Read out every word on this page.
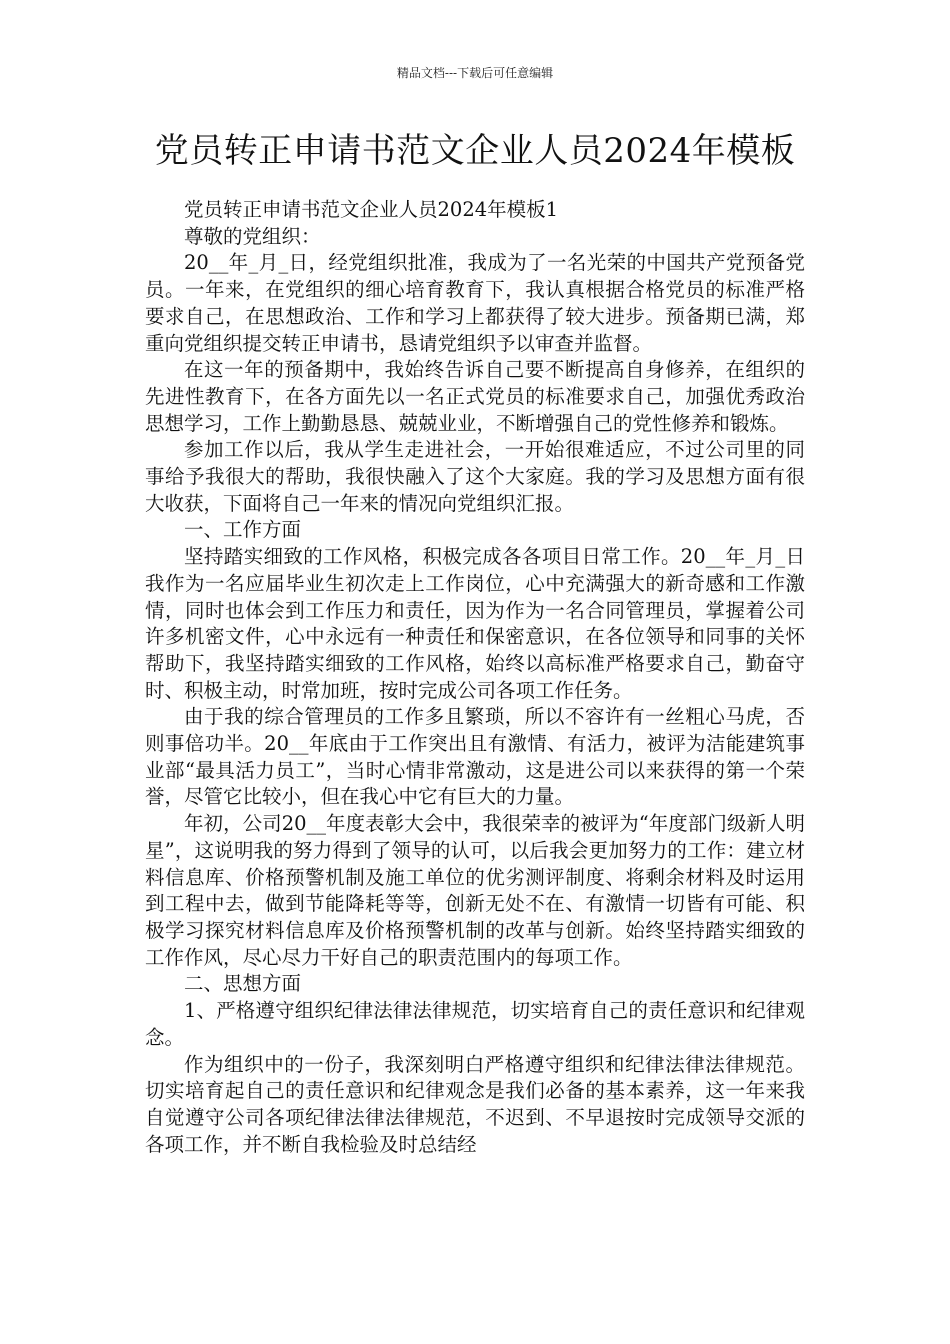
精品文档---下载后可任意编辑
党员转正申请书范文企业人员2024年模板

党员转正申请书范文企业人员2024年模板1

尊敬的党组织：

20__年_月_日，经党组织批准，我成为了一名光荣的中国共产党预备党员。一年来，在党组织的细心培育教育下，我认真根据合格党员的标准严格要求自己，在思想政治、工作和学习上都获得了较大进步。预备期已满，郑重向党组织提交转正申请书，恳请党组织予以审查并监督。

在这一年的预备期中，我始终告诉自己要不断提高自身修养，在组织的先进性教育下，在各方面先以一名正式党员的标准要求自己，加强优秀政治思想学习，工作上勤勤恳恳、兢兢业业，不断增强自己的党性修养和锻炼。

参加工作以后，我从学生走进社会，一开始很难适应，不过公司里的同事给予我很大的帮助，我很快融入了这个大家庭。我的学习及思想方面有很大收获，下面将自己一年来的情况向党组织汇报。

一、工作方面

坚持踏实细致的工作风格，积极完成各各项目日常工作。20__年_月_日我作为一名应届毕业生初次走上工作岗位，心中充满强大的新奇感和工作激情，同时也体会到工作压力和责任，因为作为一名合同管理员，掌握着公司许多机密文件，心中永远有一种责任和保密意识，在各位领导和同事的关怀帮助下，我坚持踏实细致的工作风格，始终以高标准严格要求自己，勤奋守时、积极主动，时常加班，按时完成公司各项工作任务。

由于我的综合管理员的工作多且繁琐，所以不容许有一丝粗心马虎，否则事倍功半。20__年底由于工作突出且有激情、有活力，被评为洁能建筑事业部“最具活力员工”，当时心情非常激动，这是进公司以来获得的第一个荣誉，尽管它比较小，但在我心中它有巨大的力量。

年初，公司20__年度表彰大会中，我很荣幸的被评为“年度部门级新人明星”，这说明我的努力得到了领导的认可，以后我会更加努力的工作：建立材料信息库、价格预警机制及施工单位的优劣测评制度、将剩余材料及时运用到工程中去，做到节能降耗等等，创新无处不在、有激情一切皆有可能、积极学习探究材料信息库及价格预警机制的改革与创新。始终坚持踏实细致的工作作风，尽心尽力干好自己的职责范围内的每项工作。

二、思想方面

1、严格遵守组织纪律法律法律规范，切实培育自己的责任意识和纪律观念。

作为组织中的一份子，我深刻明白严格遵守组织和纪律法律法律规范。切实培育起自己的责任意识和纪律观念是我们必备的基本素养，这一年来我自觉遵守公司各项纪律法律法律规范，不迟到、不早退按时完成领导交派的各项工作，并不断自我检验及时总结经
